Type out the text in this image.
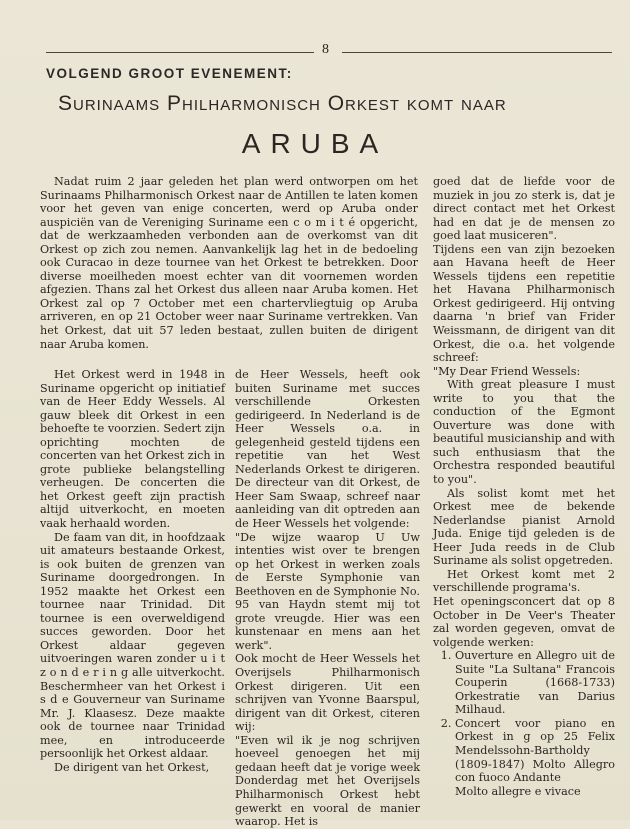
8
VOLGEND GROOT EVENEMENT:
Surinaams Philharmonisch Orkest komt naar
ARUBA

Nadat ruim 2 jaar geleden het plan werd ontworpen om het Surinaams Philharmonisch Orkest naar de Antillen te laten komen voor het geven van enige concerten, werd op Aruba onder auspiciën van de Vereniging Suriname een c o m i t é opgericht, dat de werkzaamheden verbonden aan de overkomst van dit Orkest op zich zou nemen. Aanvankelijk lag het in de bedoeling ook Curacao in deze tournee van het Orkest te betrekken. Door diverse moeilheden moest echter van dit voornemen worden afgezien. Thans zal het Orkest dus alleen naar Aruba komen. Het Orkest zal op 7 October met een chartervliegtuig op Aruba arriveren, en op 21 October weer naar Suriname vertrekken. Van het Orkest, dat uit 57 leden bestaat, zullen buiten de dirigent naar Aruba komen.

Het Orkest werd in 1948 in Suriname opgericht op initiatief van de Heer Eddy Wessels. Al gauw bleek dit Orkest in een behoefte te voorzien. Sedert zijn oprichting mochten de concerten van het Orkest zich in grote publieke belangstelling verheugen. De concerten die het Orkest geeft zijn practish altijd uitverkocht, en moeten vaak herhaald worden.

De faam van dit, in hoofdzaak uit amateurs bestaande Orkest, is ook buiten de grenzen van Suriname doorgedrongen. In 1952 maakte het Orkest een tournee naar Trinidad. Dit tournee is een overweldigend succes geworden. Door het Orkest aldaar gegeven uitvoeringen waren zonder u i t z o n d e r i n g alle uitverkocht. Beschermheer van het Orkest i s d e Gouverneur van Suriname Mr. J. Klaasesz. Deze maakte ook de tournee naar Trinidad mee, en introduceerde persoonlijk het Orkest aldaar.

De dirigent van het Orkest,

de Heer Wessels, heeft ook buiten Suriname met succes verschillende Orkesten gedirigeerd. In Nederland is de Heer Wessels o.a. in gelegenheid gesteld tijdens een repetitie van het West Nederlands Orkest te dirigeren. De directeur van dit Orkest, de Heer Sam Swaap, schreef naar aanleiding van dit optreden aan de Heer Wessels het volgende:

"De wijze waarop U Uw intenties wist over te brengen op het Orkest in werken zoals de Eerste Symphonie van Beethoven en de Symphonie No. 95 van Haydn stemt mij tot grote vreugde. Hier was een kunstenaar en mens aan het werk".

Ook mocht de Heer Wessels het Overijsels Philharmonisch Orkest dirigeren. Uit een schrijven van Yvonne Baarspul, dirigent van dit Orkest, citeren wij:

"Even wil ik je nog schrijven hoeveel genoegen het mij gedaan heeft dat je vorige week Donderdag met het Overijsels Philharmonisch Orkest hebt gewerkt en vooral de manier waarop. Het is

goed dat de liefde voor de muziek in jou zo sterk is, dat je direct contact met het Orkest had en dat je de mensen zo goed laat musiceren".

Tijdens een van zijn bezoeken aan Havana heeft de Heer Wessels tijdens een repetitie het Havana Philharmonisch Orkest gedirigeerd. Hij ontving daarna 'n brief van Frider Weissmann, de dirigent van dit Orkest, die o.a. het volgende schreef:

"My Dear Friend Wessels:

With great pleasure I must write to you that the conduction of the Egmont Ouverture was done with beautiful musicianship and with such enthusiasm that the Orchestra responded beautiful to you".

Als solist komt met het Orkest mee de bekende Nederlandse pianist Arnold Juda. Enige tijd geleden is de Heer Juda reeds in de Club Suriname als solist opgetreden.

Het Orkest komt met 2 verschillende programa's.

Het openingsconcert dat op 8 October in De Veer's Theater zal worden gegeven, omvat de volgende werken:

1. Ouverture en Allegro uit de Suite "La Sultana" Francois Couperin (1668-1733) Orkestratie van Darius Milhaud.
2. Concert voor piano en Orkest in g op 25 Felix Mendelssohn-Bartholdy (1809-1847) Molto Allegro con fuoco Andante

Molto allegre e vivace
